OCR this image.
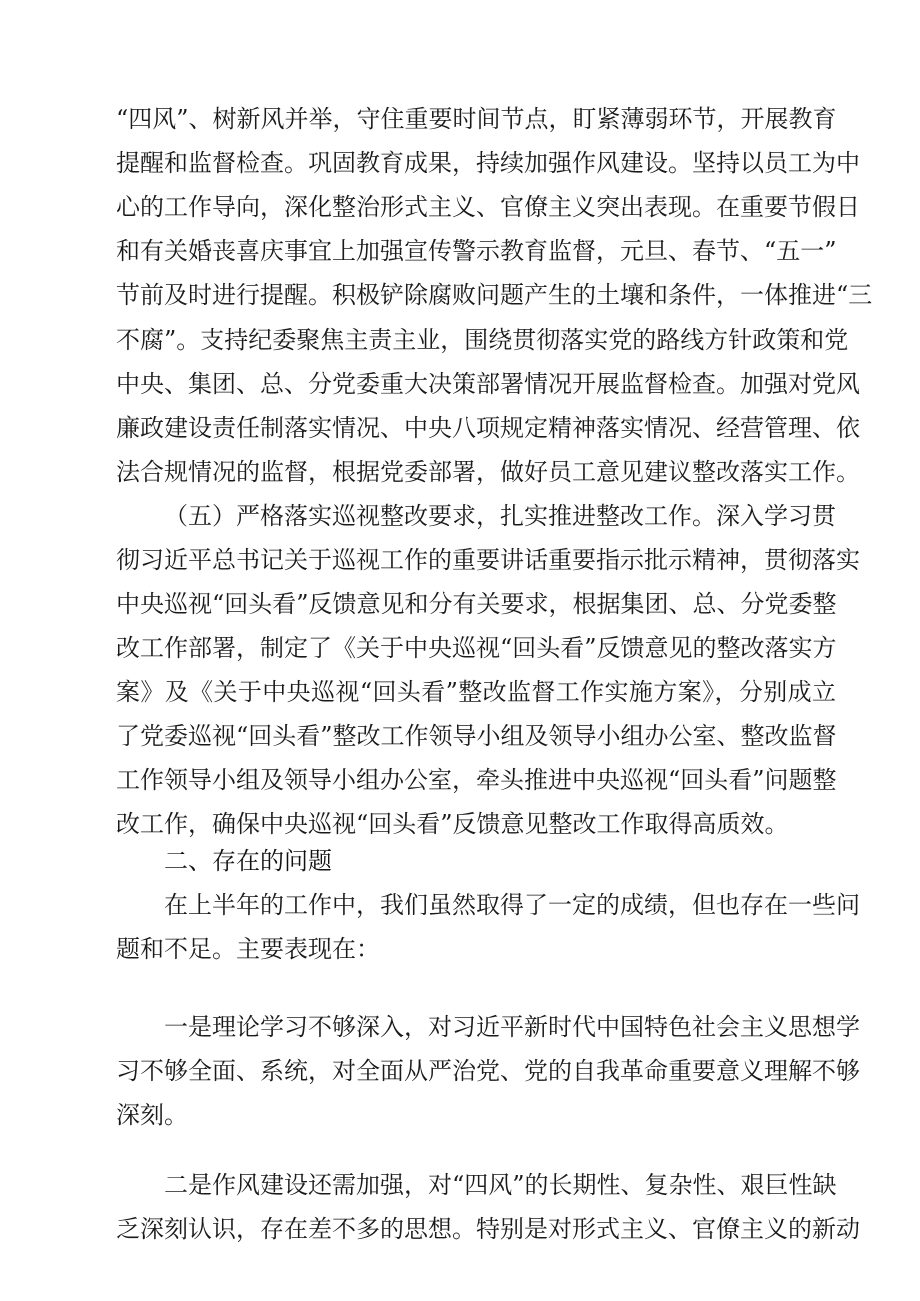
“四风”、树新风并举，守住重要时间节点，盯紧薄弱环节，开展教育

提醒和监督检查。巩固教育成果，持续加强作风建设。坚持以员工为中

心的工作导向，深化整治形式主义、官僚主义突出表现。在重要节假日

和有关婚丧喜庆事宜上加强宣传警示教育监督，元旦、春节、“五一”

节前及时进行提醒。积极铲除腐败问题产生的土壤和条件，一体推进“三

不腐”。支持纪委聚焦主责主业，围绕贯彻落实党的路线方针政策和党

中央、集团、总、分党委重大决策部署情况开展监督检查。加强对党风

廉政建设责任制落实情况、中央八项规定精神落实情况、经营管理、依

法合规情况的监督，根据党委部署，做好员工意见建议整改落实工作。

（五）严格落实巡视整改要求，扎实推进整改工作。深入学习贯

彻习近平总书记关于巡视工作的重要讲话重要指示批示精神，贯彻落实

中央巡视“回头看”反馈意见和分有关要求，根据集团、总、分党委整

改工作部署，制定了《关于中央巡视“回头看”反馈意见的整改落实方

案》及《关于中央巡视“回头看”整改监督工作实施方案》，分别成立

了党委巡视“回头看”整改工作领导小组及领导小组办公室、整改监督

工作领导小组及领导小组办公室，牵头推进中央巡视“回头看”问题整

改工作，确保中央巡视“回头看”反馈意见整改工作取得高质效。

二、存在的问题

在上半年的工作中，我们虽然取得了一定的成绩，但也存在一些问

题和不足。主要表现在：

一是理论学习不够深入，对习近平新时代中国特色社会主义思想学

习不够全面、系统，对全面从严治党、党的自我革命重要意义理解不够

深刻。

二是作风建设还需加强，对“四风”的长期性、复杂性、艰巨性缺

乏深刻认识，存在差不多的思想。特别是对形式主义、官僚主义的新动
